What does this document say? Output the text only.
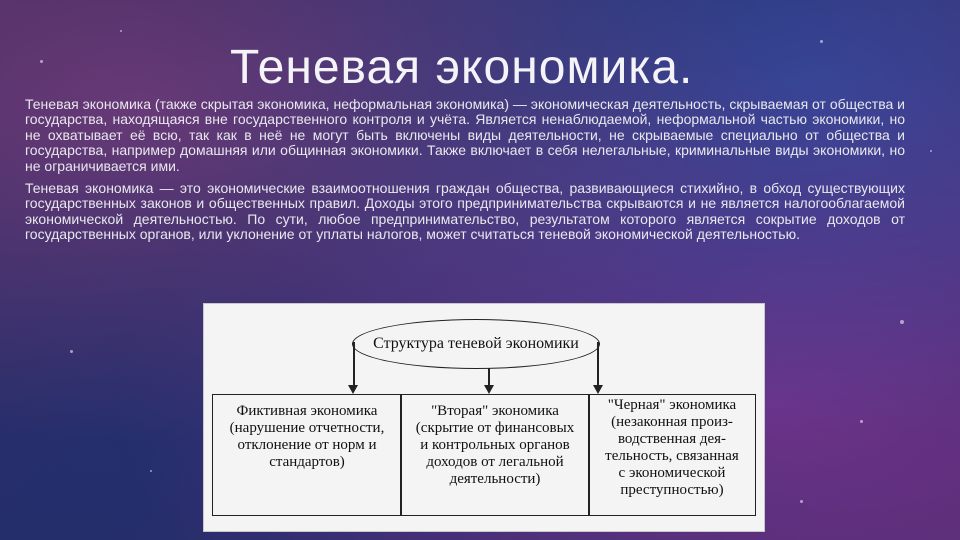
Теневая экономика.

Теневая экономика (также скрытая экономика, неформальная экономика) — экономическая деятельность, скрываемая от общества и государства, находящаяся вне государственного контроля и учёта. Является ненаблюдаемой, неформальной частью экономики, но не охватывает её всю, так как в неё не могут быть включены виды деятельности, не скрываемые специально от общества и государства, например домашняя или общинная экономики. Также включает в себя нелегальные, криминальные виды экономики, но не ограничивается ими.

Теневая экономика — это экономические взаимоотношения граждан общества, развивающиеся стихийно, в обход существующих государственных законов и общественных правил. Доходы этого предпринимательства скрываются и не является налогооблагаемой экономической деятельностью. По сути, любое предпринимательство, результатом которого является сокрытие доходов от государственных органов, или уклонение от уплаты налогов, может считаться теневой экономической деятельностью.

Структура теневой экономики
Фиктивная экономика
(нарушение отчетности,
отклонение от норм и
стандартов)
"Вторая" экономика
(скрытие от финансовых
и контрольных органов
доходов от легальной
деятельности)
"Черная" экономика
(незаконная произ-
водственная дея-
тельность, связанная
с экономической
преступностью)
